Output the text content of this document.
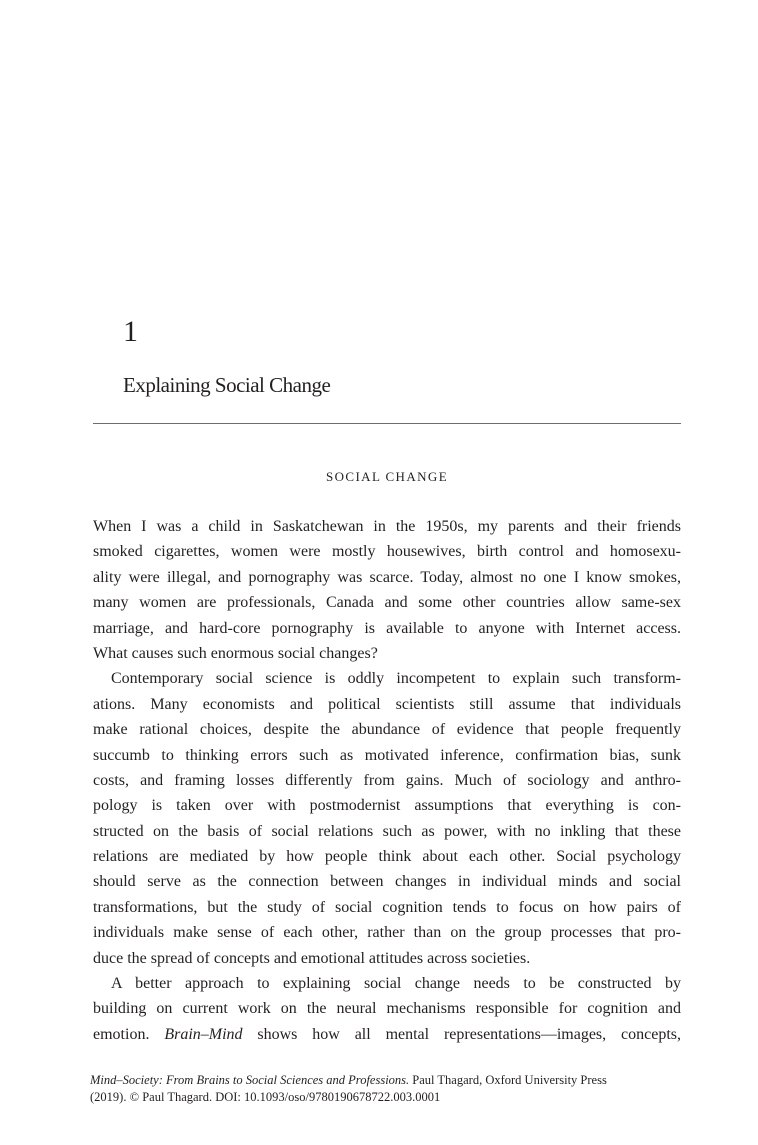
1
Explaining Social Change
SOCIAL CHANGE
When I was a child in Saskatchewan in the 1950s, my parents and their friends
smoked cigarettes, women were mostly housewives, birth control and homosexu-
ality were illegal, and pornography was scarce. Today, almost no one I know smokes,
many women are professionals, Canada and some other countries allow same-sex
marriage, and hard-core pornography is available to anyone with Internet access.
What causes such enormous social changes?
Contemporary social science is oddly incompetent to explain such transform-
ations. Many economists and political scientists still assume that individuals
make rational choices, despite the abundance of evidence that people frequently
succumb to thinking errors such as motivated inference, confirmation bias, sunk
costs, and framing losses differently from gains. Much of sociology and anthro-
pology is taken over with postmodernist assumptions that everything is con-
structed on the basis of social relations such as power, with no inkling that these
relations are mediated by how people think about each other. Social psychology
should serve as the connection between changes in individual minds and social
transformations, but the study of social cognition tends to focus on how pairs of
individuals make sense of each other, rather than on the group processes that pro-
duce the spread of concepts and emotional attitudes across societies.
A better approach to explaining social change needs to be constructed by
building on current work on the neural mechanisms responsible for cognition and
emotion. Brain–Mind shows how all mental representations—images, concepts,
Mind–Society: From Brains to Social Sciences and Professions. Paul Thagard, Oxford University Press
(2019). © Paul Thagard. DOI: 10.1093/oso/9780190678722.003.0001
